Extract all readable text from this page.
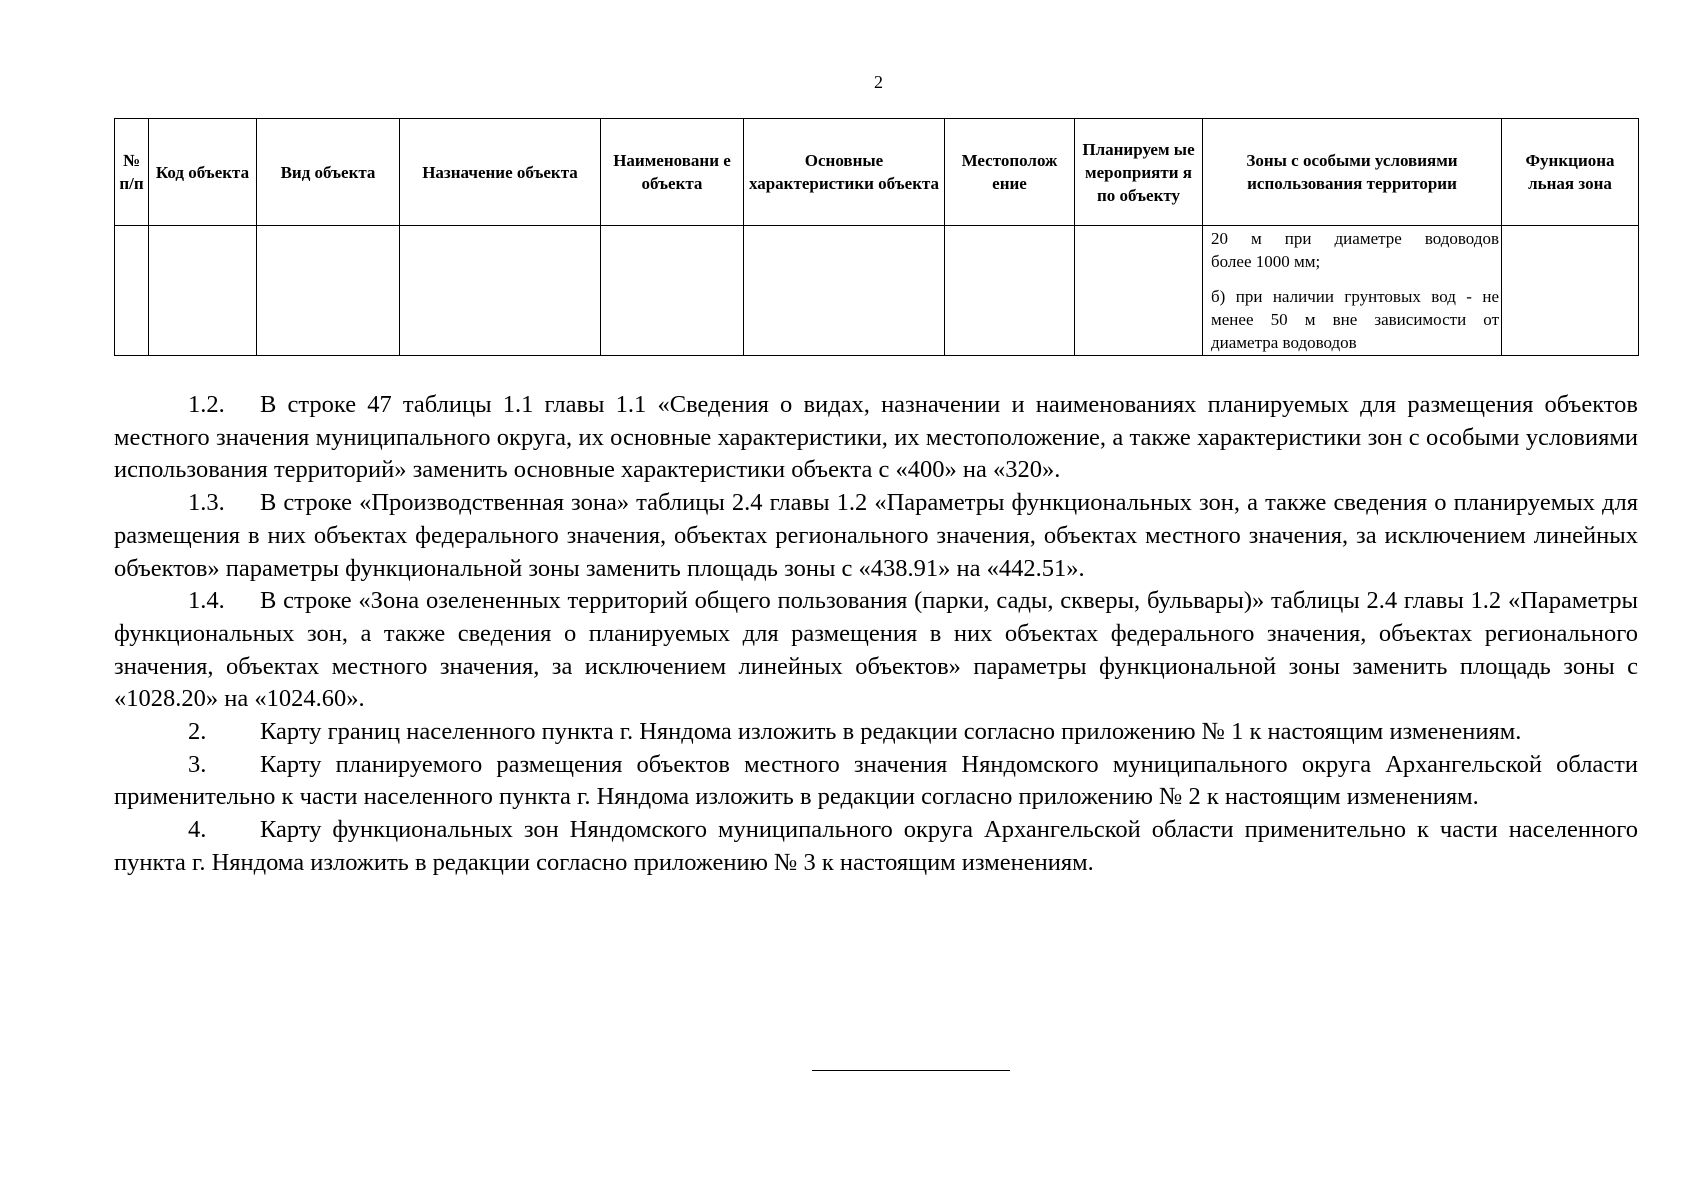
2
№ п/п	Код объекта	Вид объекта	Назначение объекта	Наименовани е объекта	Основные характеристики объекта	Местополож ение	Планируем ые мероприяти я по объекту	Зоны с особыми условиями использования территории	Функциона льная зона

								20 м при диаметре водоводов

более 1000 мм;

б) при наличии грунтовых вод - не менее 50 м вне зависимости от диаметра водоводов	

1.2. В строке 47 таблицы 1.1 главы 1.1 «Сведения о видах, назначении и наименованиях планируемых для размещения объектов местного значения муниципального округа, их основные характеристики, их местоположение, а также характеристики зон с особыми условиями использования территорий» заменить основные характеристики объекта с «400» на «320».

1.3. В строке «Производственная зона» таблицы 2.4 главы 1.2 «Параметры функциональных зон, а также сведения о планируемых для размещения в них объектах федерального значения, объектах регионального значения, объектах местного значения, за исключением линейных объектов» параметры функциональной зоны заменить площадь зоны с «438.91» на «442.51».

1.4. В строке «Зона озелененных территорий общего пользования (парки, сады, скверы, бульвары)» таблицы 2.4 главы 1.2 «Параметры функциональных зон, а также сведения о планируемых для размещения в них объектах федерального значения, объектах регионального значения, объектах местного значения, за исключением линейных объектов» параметры функциональной зоны заменить площадь зоны с «1028.20» на «1024.60».

2. Карту границ населенного пункта г. Няндома изложить в редакции согласно приложению № 1 к настоящим изменениям.

3. Карту планируемого размещения объектов местного значения Няндомского муниципального округа Архангельской области применительно к части населенного пункта г. Няндома изложить в редакции согласно приложению № 2 к настоящим изменениям.

4. Карту функциональных зон Няндомского муниципального округа Архангельской области применительно к части населенного пункта г. Няндома изложить в редакции согласно приложению № 3 к настоящим изменениям.
